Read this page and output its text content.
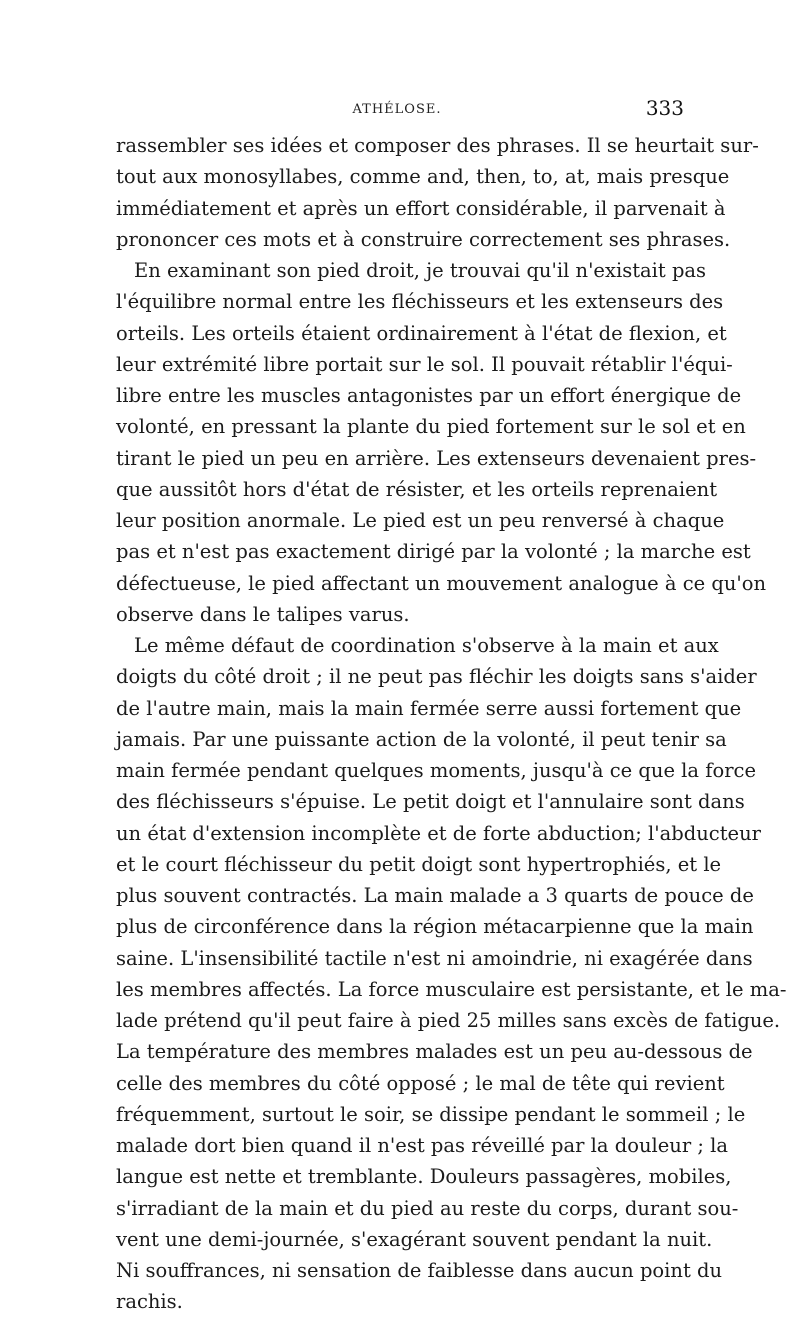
ATHÉLOSE.	333
rassembler ses idées et composer des phrases. Il se heurtait sur-
tout aux monosyllabes, comme and, then, to, at, mais presque
immédiatement et après un effort considérable, il parvenait à
prononcer ces mots et à construire correctement ses phrases.
En examinant son pied droit, je trouvai qu'il n'existait pas
l'équilibre normal entre les fléchisseurs et les extenseurs des
orteils. Les orteils étaient ordinairement à l'état de flexion, et
leur extrémité libre portait sur le sol. Il pouvait rétablir l'équi-
libre entre les muscles antagonistes par un effort énergique de
volonté, en pressant la plante du pied fortement sur le sol et en
tirant le pied un peu en arrière. Les extenseurs devenaient pres-
que aussitôt hors d'état de résister, et les orteils reprenaient
leur position anormale. Le pied est un peu renversé à chaque
pas et n'est pas exactement dirigé par la volonté ; la marche est
défectueuse, le pied affectant un mouvement analogue à ce qu'on
observe dans le talipes varus.
Le même défaut de coordination s'observe à la main et aux
doigts du côté droit ; il ne peut pas fléchir les doigts sans s'aider
de l'autre main, mais la main fermée serre aussi fortement que
jamais. Par une puissante action de la volonté, il peut tenir sa
main fermée pendant quelques moments, jusqu'à ce que la force
des fléchisseurs s'épuise. Le petit doigt et l'annulaire sont dans
un état d'extension incomplète et de forte abduction; l'abducteur
et le court fléchisseur du petit doigt sont hypertrophiés, et le
plus souvent contractés. La main malade a 3 quarts de pouce de
plus de circonférence dans la région métacarpienne que la main
saine. L'insensibilité tactile n'est ni amoindrie, ni exagérée dans
les membres affectés. La force musculaire est persistante, et le ma-
lade prétend qu'il peut faire à pied 25 milles sans excès de fatigue.
La température des membres malades est un peu au-dessous de
celle des membres du côté opposé ; le mal de tête qui revient
fréquemment, surtout le soir, se dissipe pendant le sommeil ; le
malade dort bien quand il n'est pas réveillé par la douleur ; la
langue est nette et tremblante. Douleurs passagères, mobiles,
s'irradiant de la main et du pied au reste du corps, durant sou-
vent une demi-journée, s'exagérant souvent pendant la nuit.
Ni souffrances, ni sensation de faiblesse dans aucun point du
rachis.
